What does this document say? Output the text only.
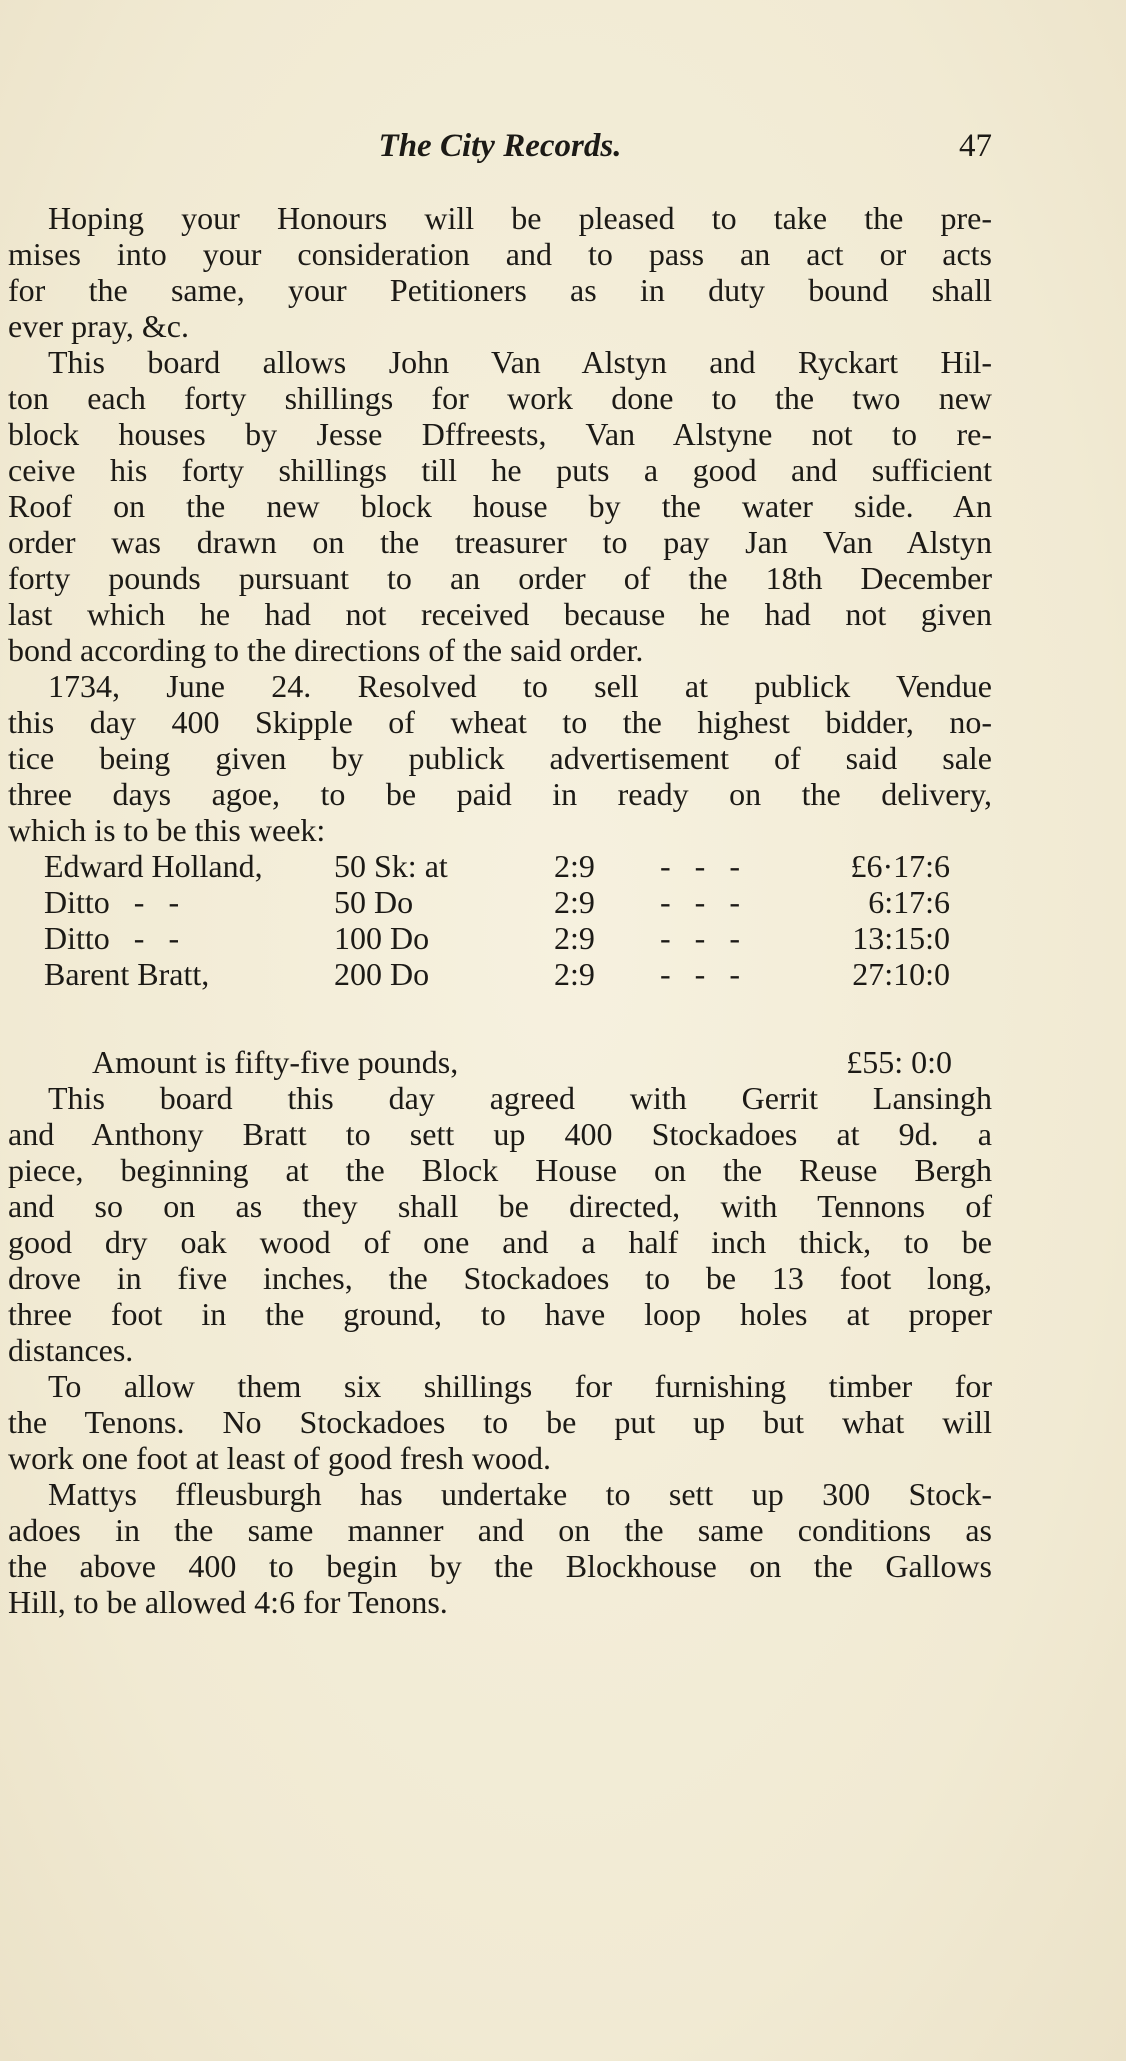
The City Records.	47
Hoping your Honours will be pleased to take the pre-
mises into your consideration and to pass an act or acts
for the same, your Petitioners as in duty bound shall
ever pray, &c.
This board allows John Van Alstyn and Ryckart Hil-
ton each forty shillings for work done to the two new
block houses by Jesse Dffreests, Van Alstyne not to re-
ceive his forty shillings till he puts a good and sufficient
Roof on the new block house by the water side. An
order was drawn on the treasurer to pay Jan Van Alstyn
forty pounds pursuant to an order of the 18th December
last which he had not received because he had not given
bond according to the directions of the said order.
1734, June 24. Resolved to sell at publick Vendue
this day 400 Skipple of wheat to the highest bidder, no-
tice being given by publick advertisement of said sale
three days agoe, to be paid in ready on the delivery,
which is to be this week:
Edward Holland,	50 Sk: at	2:9	- - -	£6·17:6
Ditto   -   -	50 Do	2:9	- - -	6:17:6
Ditto   -   -	100 Do	2:9	- - -	13:15:0
Barent Bratt,	200 Do	2:9	- - -	27:10:0
Amount is fifty-five pounds,	£55: 0:0
This board this day agreed with Gerrit Lansingh
and Anthony Bratt to sett up 400 Stockadoes at 9d. a
piece, beginning at the Block House on the Reuse Bergh
and so on as they shall be directed, with Tennons of
good dry oak wood of one and a half inch thick, to be
drove in five inches, the Stockadoes to be 13 foot long,
three foot in the ground, to have loop holes at proper
distances.
To allow them six shillings for furnishing timber for
the Tenons. No Stockadoes to be put up but what will
work one foot at least of good fresh wood.
Mattys ffleusburgh has undertake to sett up 300 Stock-
adoes in the same manner and on the same conditions as
the above 400 to begin by the Blockhouse on the Gallows
Hill, to be allowed 4:6 for Tenons.
